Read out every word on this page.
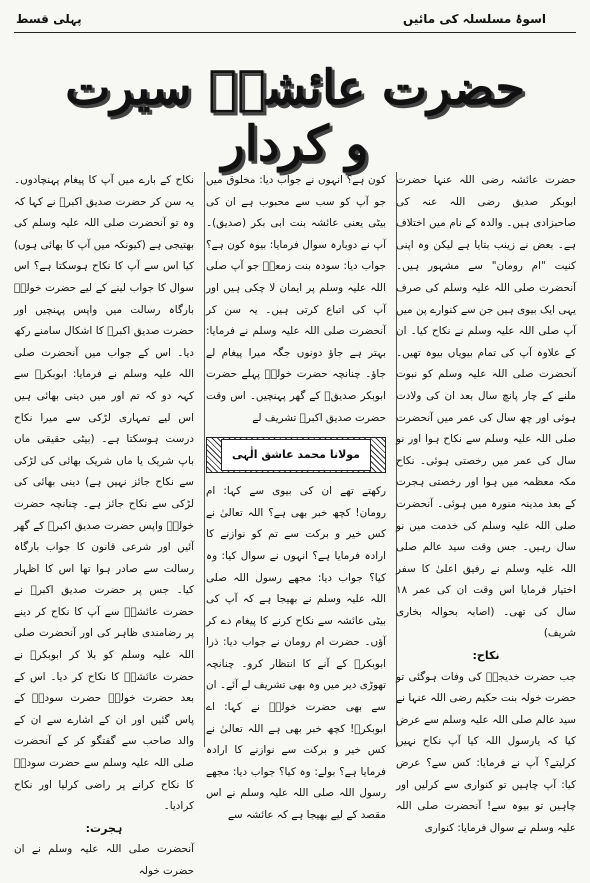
اسوۂ مسلسلہ کی مائیں
پہلی قسط
حضرت عائشہؓ سیرت و کردار

حضرت عائشہ رضی اللہ عنہا حضرت ابوبکر صدیق رضی اللہ عنہ کی صاحبزادی ہیں۔ والدہ کے نام میں اختلاف ہے۔ بعض نے زینب بتایا ہے لیکن وہ اپنی کنیت "ام رومان" سے مشہور ہیں۔ آنحضرت صلی اللہ علیہ وسلم کی صرف یہی ایک بیوی ہیں جن سے کنوارے پن میں آپ صلی اللہ علیہ وسلم نے نکاح کیا۔ ان کے علاوہ آپ کی تمام بیویاں بیوہ تھیں۔ آنحضرت صلی اللہ علیہ وسلم کو نبوت ملنے کے چار پانچ سال بعد ان کی ولادت ہوئی اور چھ سال کی عمر میں آنحضرت صلی اللہ علیہ وسلم سے نکاح ہوا اور نو سال کی عمر میں رخصتی ہوئی۔ نکاح مکہ معظمہ میں ہوا اور رخصتی ہجرت کے بعد مدینہ منورہ میں ہوئی۔ آنحضرت صلی اللہ علیہ وسلم کی خدمت میں نو سال رہیں۔ جس وقت سید عالم صلی اللہ علیہ وسلم نے رفیق اعلیٰ کا سفر اختیار فرمایا اس وقت ان کی عمر ۱۸ سال کی تھی۔ (اصابہ بحوالہ بخاری شریف)

نکاح:

جب حضرت خدیجہؓ کی وفات ہوگئی تو حضرت خولہ بنت حکیم رضی اللہ عنہا نے سید عالم صلی اللہ علیہ وسلم سے عرض کیا کہ یارسول اللہ کیا آپ نکاح نہیں کرلیتے؟ آپ نے فرمایا: کس سے؟ عرض کیا: آپ چاہیں تو کنواری سے کرلیں اور چاہیں تو بیوہ سے! آنحضرت صلی اللہ علیہ وسلم نے سوال فرمایا: کنواری

کون ہے؟ انہوں نے جواب دیا: مخلوق میں جو آپ کو سب سے محبوب ہے ان کی بیٹی یعنی عائشہ بنت ابی بکر (صدیق)۔ آپ نے دوبارہ سوال فرمایا: بیوہ کون ہے؟ جواب دیا: سودہ بنت زمعہؓ جو آپ صلی اللہ علیہ وسلم پر ایمان لا چکی ہیں اور آپ کی اتباع کرتی ہیں۔ یہ سن کر آنحضرت صلی اللہ علیہ وسلم نے فرمایا: بہتر ہے جاؤ دونوں جگہ میرا پیغام لے جاؤ۔ چنانچہ حضرت خولہؓ پہلے حضرت ابوبکر صدیقؓ کے گھر پہنچیں۔ اس وقت حضرت صدیق اکبرؓ تشریف لے

مولانا محمد عاشق الٰہی

رکھتے تھے ان کی بیوی سے کہا: ام رومان! کچھ خبر بھی ہے؟ اللہ تعالیٰ نے کس خیر و برکت سے تم کو نوازنے کا ارادہ فرمایا ہے؟ انہوں نے سوال کیا: وہ کیا؟ جواب دیا: مجھے رسول اللہ صلی اللہ علیہ وسلم نے بھیجا ہے کہ آپ کی بیٹی عائشہ سے نکاح کرنے کا پیغام دے کر آؤں۔ حضرت ام رومان نے جواب دیا: ذرا ابوبکرؓ کے آنے کا انتظار کرو۔ چنانچہ تھوڑی دیر میں وہ بھی تشریف لے آئے۔ ان سے بھی حضرت خولہؓ نے کہا: اے ابوبکرؓ! کچھ خبر بھی ہے اللہ تعالیٰ نے کس خیر و برکت سے نوازنے کا ارادہ فرمایا ہے؟ بولے: وہ کیا؟ جواب دیا: مجھے رسول اللہ صلی اللہ علیہ وسلم نے اس مقصد کے لیے بھیجا ہے کہ عائشہ سے

نکاح کے بارے میں آپ کا پیغام پہنچادوں۔ یہ سن کر حضرت صدیق اکبرؓ نے کہا کہ وہ تو آنحضرت صلی اللہ علیہ وسلم کی بھتیجی ہے (کیونکہ میں آپ کا بھائی ہوں) کیا اس سے آپ کا نکاح ہوسکتا ہے؟ اس سوال کا جواب لینے کے لیے حضرت خولہؓ بارگاہ رسالت میں واپس پہنچیں اور حضرت صدیق اکبرؓ کا اشکال سامنے رکھ دیا۔ اس کے جواب میں آنحضرت صلی اللہ علیہ وسلم نے فرمایا: ابوبکرؓ سے کہہ دو کہ تم اور میں دینی بھائی ہیں اس لیے تمہاری لڑکی سے میرا نکاح درست ہوسکتا ہے۔ (بیٹی حقیقی ماں باپ شریک یا ماں شریک بھائی کی لڑکی سے نکاح جائز نہیں ہے) دینی بھائی کی لڑکی سے نکاح جائز ہے۔ چنانچہ حضرت خولہؓ واپس حضرت صدیق اکبرؓ کے گھر آئیں اور شرعی قانون کا جواب بارگاہ رسالت سے صادر ہوا تھا اس کا اظہار کیا۔ جس پر حضرت صدیق اکبرؓ نے حضرت عائشہؓ سے آپ کا نکاح کر دینے پر رضامندی ظاہر کی اور آنحضرت صلی اللہ علیہ وسلم کو بلا کر ابوبکرؓ نے حضرت عائشہؓ کا نکاح کر دیا۔ اس کے بعد حضرت خولہؓ حضرت سودہؓ کے پاس گئیں اور ان کے اشارے سے ان کے والد صاحب سے گفتگو کر کے آنحضرت صلی اللہ علیہ وسلم سے حضرت سودہؓ کا نکاح کرانے پر راضی کرلیا اور نکاح کرادیا۔

ہجرت:

آنحضرت صلی اللہ علیہ وسلم نے ان حضرت خولہ
